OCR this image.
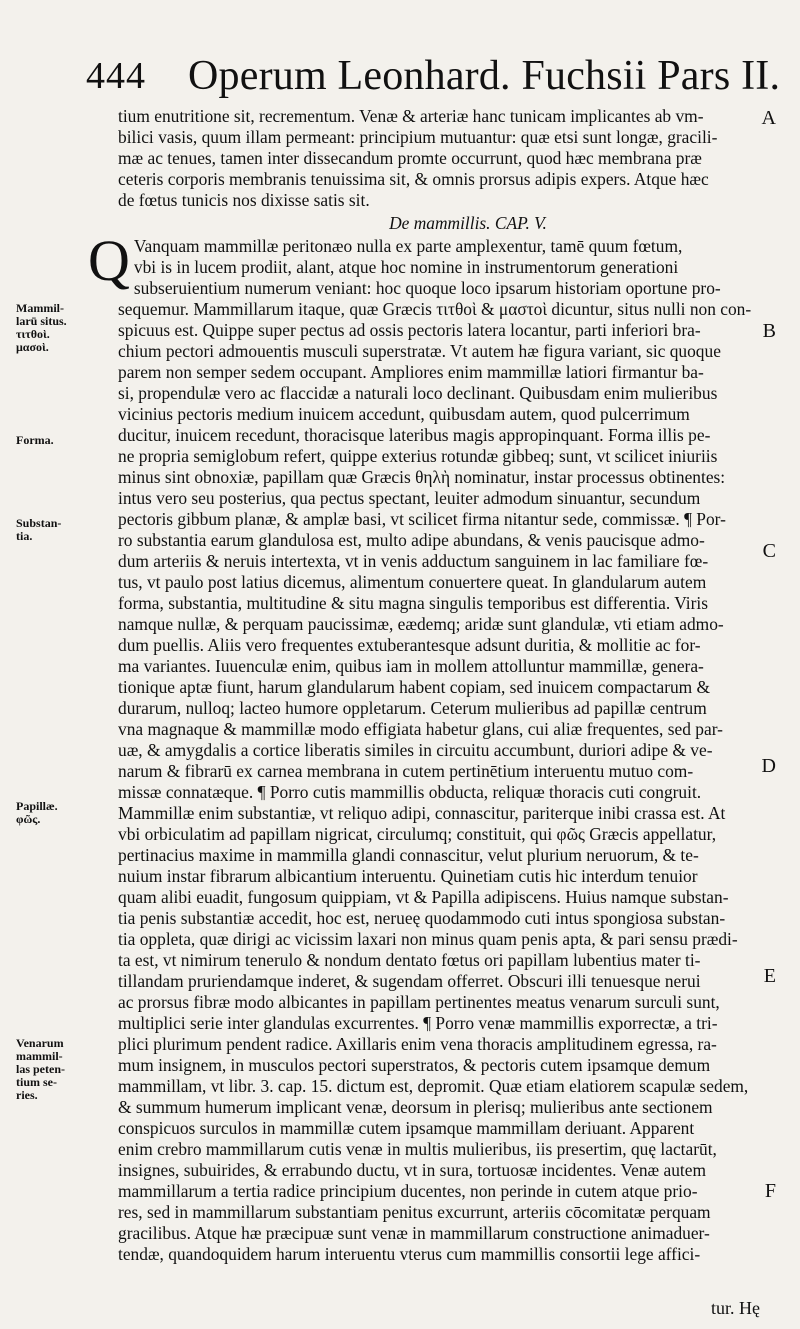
444 Operum Leonhard. Fuchsii Pars II.
tium enutritione sit, recrementum. Venæ & arteriæ hanc tunicam implicantes ab vm-
bilici vasis, quum illam permeant: principium mutuantur: quæ etsi sunt longæ, gracili-
mæ ac tenues, tamen inter dissecandum promte occurrunt, quod hæc membrana præ
ceteris corporis membranis tenuissima sit, & omnis prorsus adipis expers. Atque hæc
de fœtus tunicis nos dixisse satis sit.
De mammillis. CAP. V.
Q Vanquam mammillæ peritonæo nulla ex parte amplexentur, tamē quum fœtum,
vbi is in lucem prodiit, alant, atque hoc nomine in instrumentorum generationi
subseruientium numerum veniant: hoc quoque loco ipsarum historiam oportune pro-
sequemur. Mammillarum itaque, quæ Græcis τιτθοὶ & μαστοὶ dicuntur, situs nulli non con-
spicuus est. Quippe super pectus ad ossis pectoris latera locantur, parti inferiori bra-
chium pectori admouentis musculi superstratæ. Vt autem hæ figura variant, sic quoque
parem non semper sedem occupant. Ampliores enim mammillæ latiori firmantur ba-
si, propendulæ vero ac flaccidæ a naturali loco declinant. Quibusdam enim mulieribus
vicinius pectoris medium inuicem accedunt, quibusdam autem, quod pulcerrimum
ducitur, inuicem recedunt, thoracisque lateribus magis appropinquant. Forma illis pe-
ne propria semiglobum refert, quippe exterius rotundæ gibbeq; sunt, vt scilicet iniuriis
minus sint obnoxiæ, papillam quæ Græcis θηλὴ nominatur, instar processus obtinentes:
intus vero seu posterius, qua pectus spectant, leuiter admodum sinuantur, secundum
pectoris gibbum planæ, & amplæ basi, vt scilicet firma nitantur sede, commissæ. ¶ Por-
ro substantia earum glandulosa est, multo adipe abundans, & venis paucisque admo-
dum arteriis & neruis intertexta, vt in venis adductum sanguinem in lac familiare fœ-
tus, vt paulo post latius dicemus, alimentum conuertere queat. In glandularum autem
forma, substantia, multitudine & situ magna singulis temporibus est differentia. Viris
namque nullæ, & perquam paucissimæ, eædemq; aridæ sunt glandulæ, vti etiam admo-
dum puellis. Aliis vero frequentes extuberantesque adsunt duritia, & mollitie ac for-
ma variantes. Iuuenculæ enim, quibus iam in mollem attolluntur mammillæ, genera-
tionique aptæ fiunt, harum glandularum habent copiam, sed inuicem compactarum &
durarum, nulloq; lacteo humore oppletarum. Ceterum mulieribus ad papillæ centrum
vna magnaque & mammillæ modo effigiata habetur glans, cui aliæ frequentes, sed par-
uæ, & amygdalis a cortice liberatis similes in circuitu accumbunt, duriori adipe & ve-
narum & fibrarū ex carnea membrana in cutem pertinētium interuentu mutuo com-
missæ connatæque. ¶ Porro cutis mammillis obducta, reliquæ thoracis cuti congruit.
Mammillæ enim substantiæ, vt reliquo adipi, connascitur, pariterque inibi crassa est. At
vbi orbiculatim ad papillam nigricat, circulumq; constituit, qui φῶς Græcis appellatur,
pertinacius maxime in mammilla glandi connascitur, velut plurium neruorum, & te-
nuium instar fibrarum albicantium interuentu. Quinetiam cutis hic interdum tenuior
quam alibi euadit, fungosum quippiam, vt & Papilla adipiscens. Huius namque substan-
tia penis substantiæ accedit, hoc est, nerueę quodammodo cuti intus spongiosa substan-
tia oppleta, quæ dirigi ac vicissim laxari non minus quam penis apta, & pari sensu prædi-
ta est, vt nimirum tenerulo & nondum dentato fœtus ori papillam lubentius mater ti-
tillandam pruriendamque inderet, & sugendam offerret. Obscuri illi tenuesque nerui
ac prorsus fibræ modo albicantes in papillam pertinentes meatus venarum surculi sunt,
multiplici serie inter glandulas excurrentes. ¶ Porro venæ mammillis exporrectæ, a tri-
plici plurimum pendent radice. Axillaris enim vena thoracis amplitudinem egressa, ra-
mum insignem, in musculos pectori superstratos, & pectoris cutem ipsamque demum
mammillam, vt libr. 3. cap. 15. dictum est, depromit. Quæ etiam elatiorem scapulæ sedem,
& summum humerum implicant venæ, deorsum in plerisq; mulieribus ante sectionem
conspicuos surculos in mammillæ cutem ipsamque mammillam deriuant. Apparent
enim crebro mammillarum cutis venæ in multis mulieribus, iis presertim, quę lactarūt,
insignes, subuirides, & errabundo ductu, vt in sura, tortuosæ incidentes. Venæ autem
mammillarum a tertia radice principium ducentes, non perinde in cutem atque prio-
res, sed in mammillarum substantiam penitus excurrunt, arteriis cōcomitatæ perquam
gracilibus. Atque hæ præcipuæ sunt venæ in mammillarum constructione animaduer-
tendæ, quandoquidem harum interuentu vterus cum mammillis consortii lege affici-
tur. Hę
Mammil-
larū situs.
τιτθοὶ.
μασοὶ.
Forma.
Substan-
tia.
Papillæ.
φῶς.
Venarum
mammil-
las peten-
tium se-
ries.
A
B
C
D
E
F
